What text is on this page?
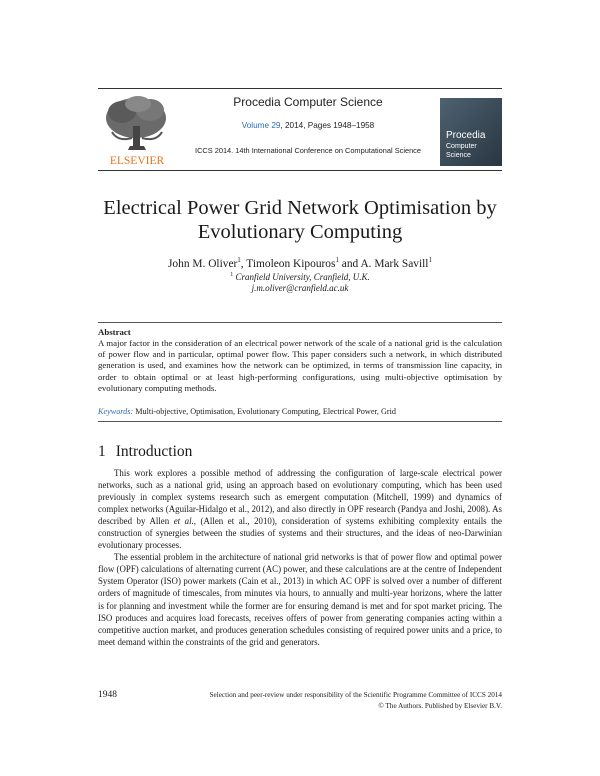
ELSEVIER
Procedia
Computer
Science
Procedia Computer Science
Volume 29, 2014, Pages 1948–1958
ICCS 2014. 14th International Conference on Computational Science
Electrical Power Grid Network Optimisation by Evolutionary Computing
John M. Oliver$^1$, Timoleon Kipouros$^1$ and A. Mark Savill$^1$
$^1$ Cranfield University, Cranfield, U.K.
j.m.oliver@cranfield.ac.uk
Abstract
A major factor in the consideration of an electrical power network of the scale of a national grid is the calculation of power flow and in particular, optimal power flow. This paper considers such a network, in which distributed generation is used, and examines how the network can be optimized, in terms of transmission line capacity, in order to obtain optimal or at least high-performing configurations, using multi-objective optimisation by evolutionary computing methods.
Keywords: Multi-objective, Optimisation, Evolutionary Computing, Electrical Power, Grid
1 Introduction

This work explores a possible method of addressing the configuration of large-scale electrical power networks, such as a national grid, using an approach based on evolutionary computing, which has been used previously in complex systems research such as emergent computation (Mitchell, 1999) and dynamics of complex networks (Aguilar-Hidalgo et al., 2012), and also directly in OPF research (Pandya and Joshi, 2008). As described by Allen et al., (Allen et al., 2010), consideration of systems exhibiting complexity entails the construction of synergies between the studies of systems and their structures, and the ideas of neo-Darwinian evolutionary processes.

The essential problem in the architecture of national grid networks is that of power flow and optimal power flow (OPF) calculations of alternating current (AC) power, and these calculations are at the centre of Independent System Operator (ISO) power markets (Cain et al., 2013) in which AC OPF is solved over a number of different orders of magnitude of timescales, from minutes via hours, to annually and multi-year horizons, where the latter is for planning and investment while the former are for ensuring demand is met and for spot market pricing. The ISO produces and acquires load forecasts, receives offers of power from generating companies acting within a competitive auction market, and produces generation schedules consisting of required power units and a price, to meet demand within the constraints of the grid and generators.

1948	Selection and peer-review under responsibility of the Scientific Programme Committee of ICCS 2014
© The Authors. Published by Elsevier B.V.
